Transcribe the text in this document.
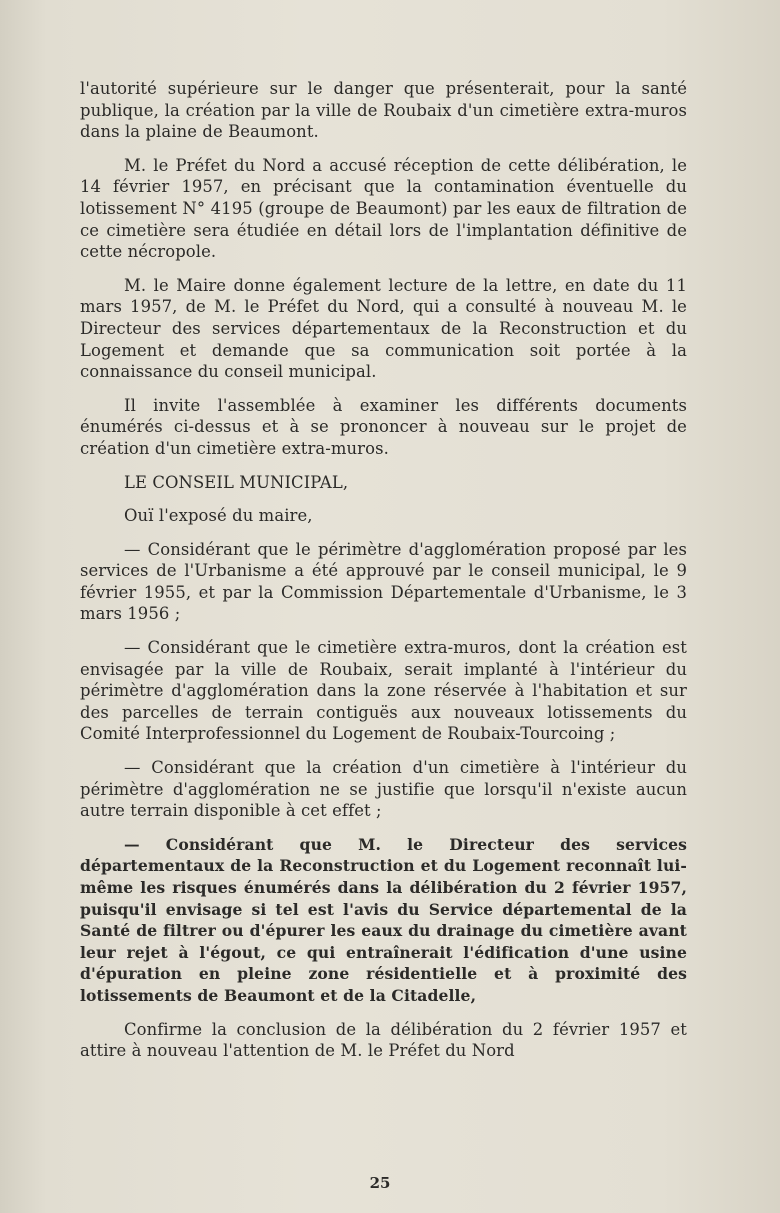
l'autorité supérieure sur le danger que présenterait, pour la santé publique, la création par la ville de Roubaix d'un cimetière extra-muros dans la plaine de Beaumont.

M. le Préfet du Nord a accusé réception de cette délibération, le 14 février 1957, en précisant que la contamination éventuelle du lotissement N° 4195 (groupe de Beaumont) par les eaux de filtration de ce cimetière sera étudiée en détail lors de l'implantation définitive de cette nécropole.

M. le Maire donne également lecture de la lettre, en date du 11 mars 1957, de M. le Préfet du Nord, qui a consulté à nouveau M. le Directeur des services départementaux de la Reconstruction et du Logement et demande que sa communication soit portée à la connaissance du conseil municipal.

Il invite l'assemblée à examiner les différents documents énumérés ci-dessus et à se prononcer à nouveau sur le projet de création d'un cimetière extra-muros.

LE CONSEIL MUNICIPAL,

Ouï l'exposé du maire,

— Considérant que le périmètre d'agglomération proposé par les services de l'Urbanisme a été approuvé par le conseil municipal, le 9 février 1955, et par la Commission Départementale d'Urbanisme, le 3 mars 1956 ;

— Considérant que le cimetière extra-muros, dont la création est envisagée par la ville de Roubaix, serait implanté à l'intérieur du périmètre d'agglomération dans la zone réservée à l'habitation et sur des parcelles de terrain contiguës aux nouveaux lotissements du Comité Interprofessionnel du Logement de Roubaix-Tourcoing ;

— Considérant que la création d'un cimetière à l'intérieur du périmètre d'agglomération ne se justifie que lorsqu'il n'existe aucun autre terrain disponible à cet effet ;

— Considérant que M. le Directeur des services départementaux de la Reconstruction et du Logement reconnaît lui-même les risques énumérés dans la délibération du 2 février 1957, puisqu'il envisage si tel est l'avis du Service départemental de la Santé de filtrer ou d'épurer les eaux du drainage du cimetière avant leur rejet à l'égout, ce qui entraînerait l'édification d'une usine d'épuration en pleine zone résidentielle et à proximité des lotissements de Beaumont et de la Citadelle,

Confirme la conclusion de la délibération du 2 février 1957 et attire à nouveau l'attention de M. le Préfet du Nord

25
